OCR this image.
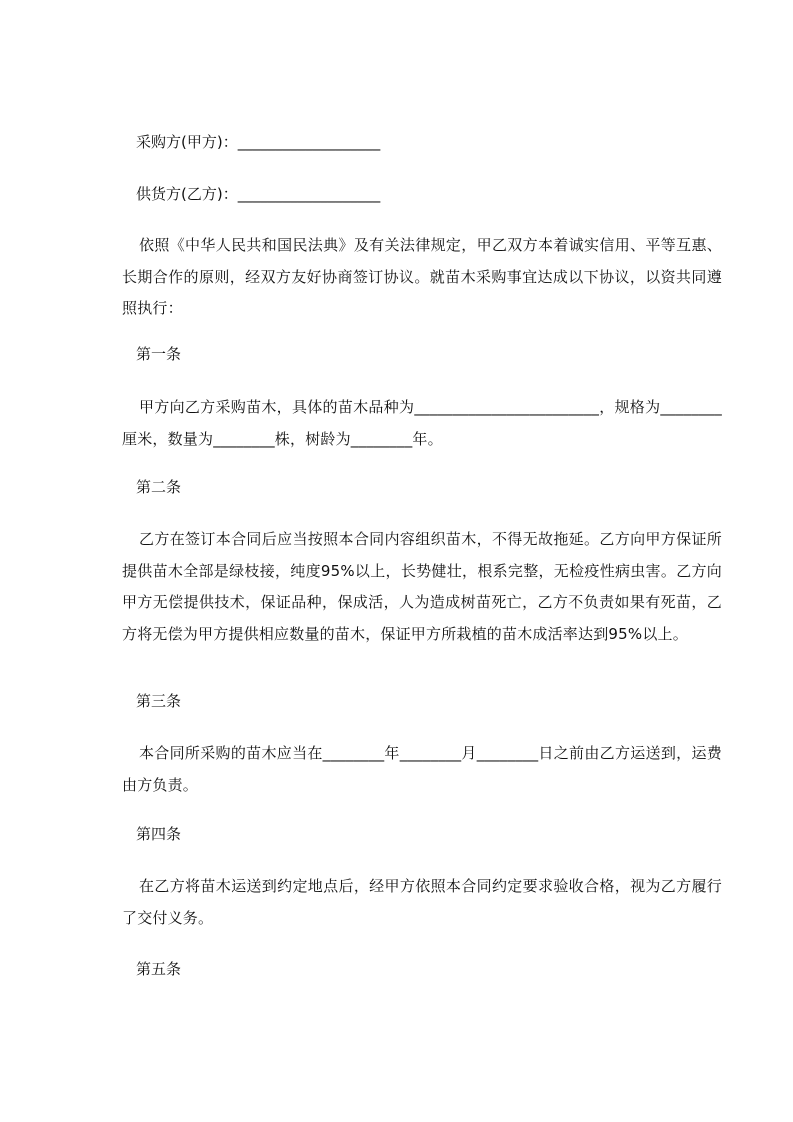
采购方(甲方)：___________________
供货方(乙方)：___________________
依照《中华人民共和国民法典》及有关法律规定，甲乙双方本着诚实信用、平等互惠、长期合作的原则，经双方友好协商签订协议。就苗木采购事宜达成以下协议，以资共同遵照执行：
第一条
甲方向乙方采购苗木，具体的苗木品种为________________________，规格为________厘米，数量为________株，树龄为________年。
第二条
乙方在签订本合同后应当按照本合同内容组织苗木，不得无故拖延。乙方向甲方保证所提供苗木全部是绿枝接，纯度95%以上，长势健壮，根系完整，无检疫性病虫害。乙方向甲方无偿提供技术，保证品种，保成活，人为造成树苗死亡，乙方不负责如果有死苗，乙方将无偿为甲方提供相应数量的苗木，保证甲方所栽植的苗木成活率达到95%以上。
第三条
本合同所采购的苗木应当在________年________月________日之前由乙方运送到，运费由方负责。
第四条
在乙方将苗木运送到约定地点后，经甲方依照本合同约定要求验收合格，视为乙方履行了交付义务。
第五条
